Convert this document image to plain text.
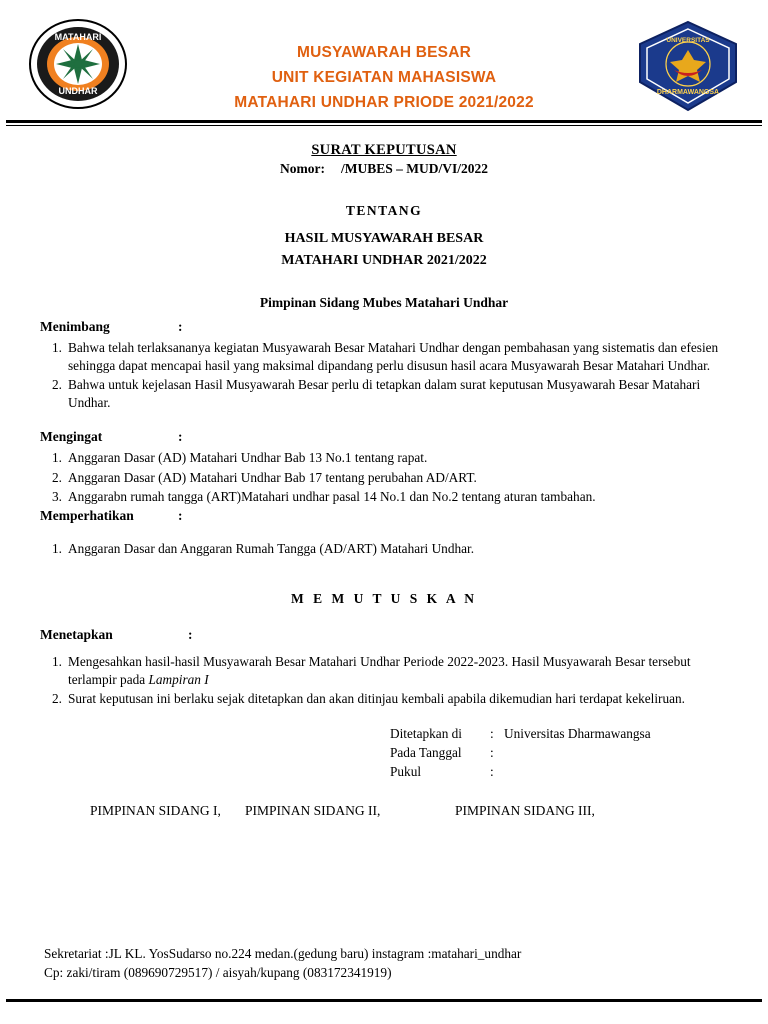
MATAHARI
UNDHAR
MUSYAWARAH BESAR
UNIT KEGIATAN MAHASISWA
MATAHARI UNDHAR PRIODE 2021/2022
UNIVERSITAS
DHARMAWANGSA
SURAT KEPUTUSAN
Nomor: /MUBES – MUD/VI/2022
TENTANG
HASIL MUSYAWARAH BESAR
MATAHARI UNDHAR 2021/2022
Pimpinan Sidang Mubes Matahari Undhar
Menimbang	:
1. Bahwa telah terlaksananya kegiatan Musyawarah Besar Matahari Undhar dengan pembahasan yang sistematis dan efesien sehingga dapat mencapai hasil yang maksimal dipandang perlu disusun hasil acara Musyawarah Besar Matahari Undhar.
2. Bahwa untuk kejelasan Hasil Musyawarah Besar perlu di tetapkan dalam surat keputusan Musyawarah Besar Matahari Undhar.
Mengingat	:
1. Anggaran Dasar (AD) Matahari Undhar Bab 13 No.1 tentang rapat.
2. Anggaran Dasar (AD) Matahari Undhar Bab 17 tentang perubahan AD/ART.
3. Anggarabn rumah tangga (ART)Matahari undhar pasal 14 No.1 dan No.2 tentang aturan tambahan.
Memperhatikan	:
1. Anggaran Dasar dan Anggaran Rumah Tangga (AD/ART) Matahari Undhar.
M E M U T U S K A N
Menetapkan	:
1. Mengesahkan hasil-hasil Musyawarah Besar Matahari Undhar Periode 2022-2023. Hasil Musyawarah Besar tersebut terlampir pada Lampiran I
2. Surat keputusan ini berlaku sejak ditetapkan dan akan ditinjau kembali apabila dikemudian hari terdapat kekeliruan.
Ditetapkan di	: Universitas Dharmawangsa
Pada Tanggal	:
Pukul	:
PIMPINAN SIDANG I,	PIMPINAN SIDANG II,	PIMPINAN SIDANG III,
Sekretariat :JL KL. YosSudarso no.224 medan.(gedung baru) instagram :matahari_undhar
Cp: zaki/tiram (089690729517) / aisyah/kupang (083172341919)
